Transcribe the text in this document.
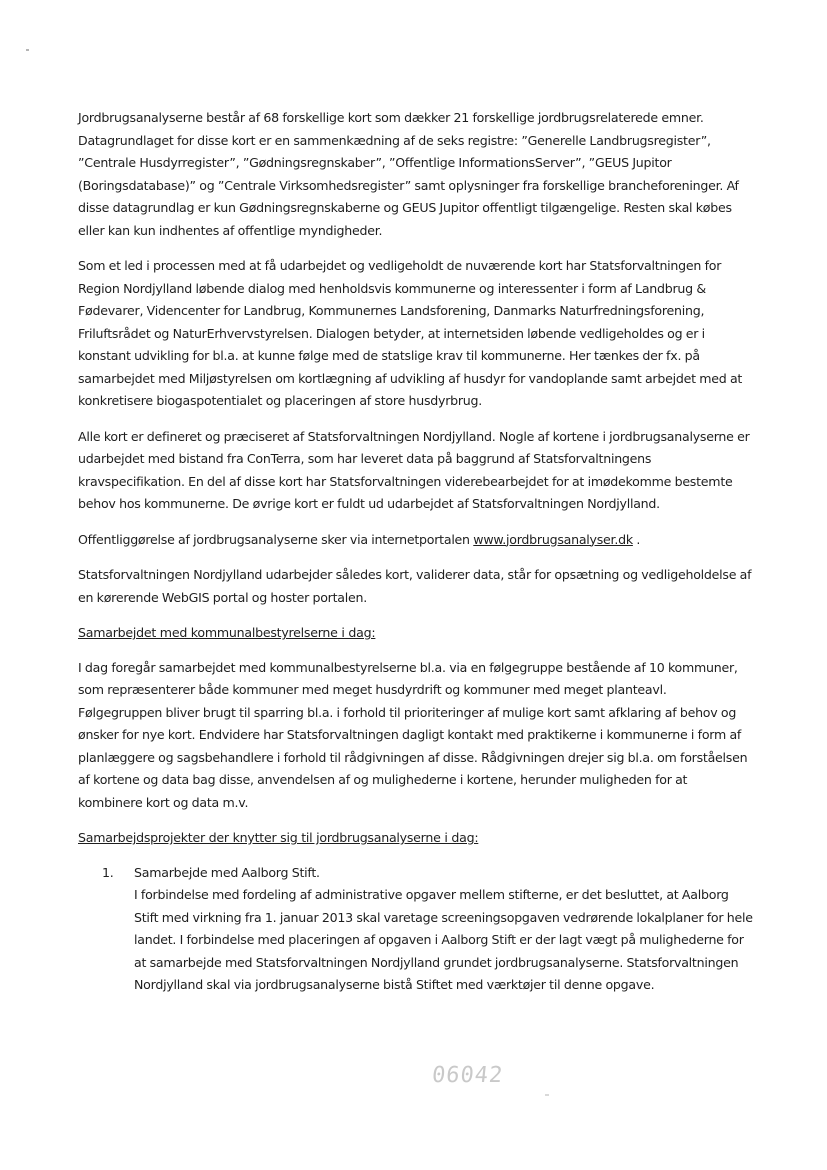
Jordbrugsanalyserne består af 68 forskellige kort som dækker 21 forskellige jordbrugsrelaterede emner. Datagrundlaget for disse kort er en sammenkædning af de seks registre: ”Generelle Landbrugsregister”, ”Centrale Husdyrregister”, ”Gødningsregnskaber”, ”Offentlige InformationsServer”, ”GEUS Jupitor (Boringsdatabase)” og ”Centrale Virksomhedsregister” samt oplysninger fra forskellige brancheforeninger. Af disse datagrundlag er kun Gødningsregnskaberne og GEUS Jupitor offentligt tilgængelige. Resten skal købes eller kan kun indhentes af offentlige myndigheder.

Som et led i processen med at få udarbejdet og vedligeholdt de nuværende kort har Statsforvaltningen for Region Nordjylland løbende dialog med henholdsvis kommunerne og interessenter i form af Landbrug & Fødevarer, Videncenter for Landbrug, Kommunernes Landsforening, Danmarks Naturfredningsforening, Friluftsrådet og NaturErhvervstyrelsen. Dialogen betyder, at internetsiden løbende vedligeholdes og er i konstant udvikling for bl.a. at kunne følge med de statslige krav til kommunerne. Her tænkes der fx. på samarbejdet med Miljøstyrelsen om kortlægning af udvikling af husdyr for vandoplande samt arbejdet med at konkretisere biogaspotentialet og placeringen af store husdyrbrug.

Alle kort er defineret og præciseret af Statsforvaltningen Nordjylland. Nogle af kortene i jordbrugsanalyserne er udarbejdet med bistand fra ConTerra, som har leveret data på baggrund af Statsforvaltningens kravspecifikation. En del af disse kort har Statsforvaltningen viderebearbejdet for at imødekomme bestemte behov hos kommunerne. De øvrige kort er fuldt ud udarbejdet af Statsforvaltningen Nordjylland.

Offentliggørelse af jordbrugsanalyserne sker via internetportalen www.jordbrugsanalyser.dk .

Statsforvaltningen Nordjylland udarbejder således kort, validerer data, står for opsætning og vedligeholdelse af en kørerende WebGIS portal og hoster portalen.

Samarbejdet med kommunalbestyrelserne i dag:

I dag foregår samarbejdet med kommunalbestyrelserne bl.a. via en følgegruppe bestående af 10 kommuner, som repræsenterer både kommuner med meget husdyrdrift og kommuner med meget planteavl. Følgegruppen bliver brugt til sparring bl.a. i forhold til prioriteringer af mulige kort samt afklaring af behov og ønsker for nye kort. Endvidere har Statsforvaltningen dagligt kontakt med praktikerne i kommunerne i form af planlæggere og sagsbehandlere i forhold til rådgivningen af disse. Rådgivningen drejer sig bl.a. om forståelsen af kortene og data bag disse, anvendelsen af og mulighederne i kortene, herunder muligheden for at kombinere kort og data m.v.

Samarbejdsprojekter der knytter sig til jordbrugsanalyserne i dag:

1. Samarbejde med Aalborg Stift.
I forbindelse med fordeling af administrative opgaver mellem stifterne, er det besluttet, at Aalborg Stift med virkning fra 1. januar 2013 skal varetage screeningsopgaven vedrørende lokalplaner for hele landet. I forbindelse med placeringen af opgaven i Aalborg Stift er der lagt vægt på mulighederne for at samarbejde med Statsforvaltningen Nordjylland grundet jordbrugsanalyserne. Statsforvaltningen Nordjylland skal via jordbrugsanalyserne bistå Stiftet med værktøjer til denne opgave.
06042
